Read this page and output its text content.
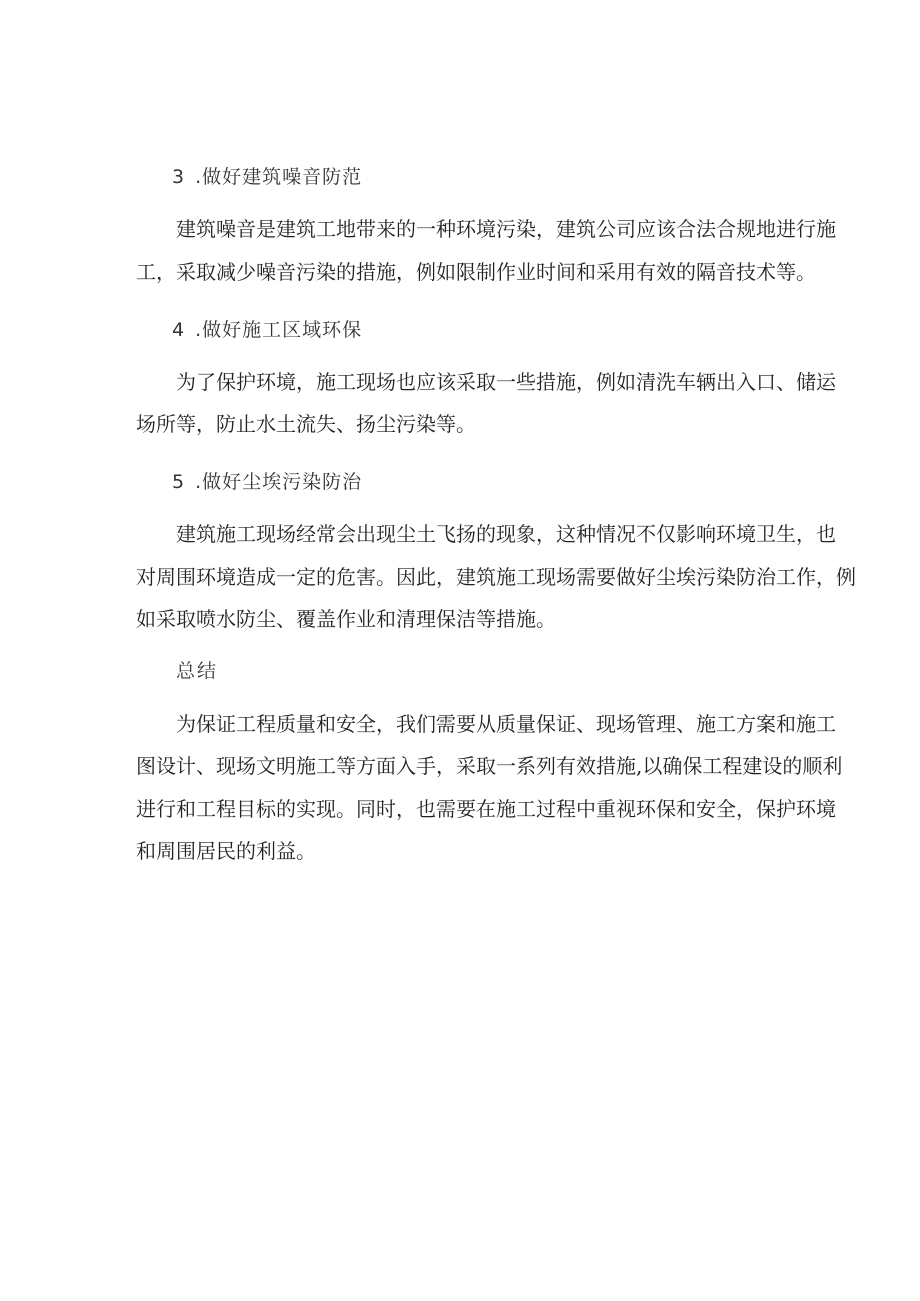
3 .做好建筑噪音防范
建筑噪音是建筑工地带来的一种环境污染，建筑公司应该合法合规地进行施
工，采取减少噪音污染的措施，例如限制作业时间和采用有效的隔音技术等。
4 .做好施工区域环保
为了保护环境，施工现场也应该采取一些措施，例如清洗车辆出入口、储运
场所等，防止水土流失、扬尘污染等。
5 .做好尘埃污染防治
建筑施工现场经常会出现尘土飞扬的现象，这种情况不仅影响环境卫生，也
对周围环境造成一定的危害。因此，建筑施工现场需要做好尘埃污染防治工作，例
如采取喷水防尘、覆盖作业和清理保洁等措施。
总结
为保证工程质量和安全，我们需要从质量保证、现场管理、施工方案和施工
图设计、现场文明施工等方面入手，采取一系列有效措施,以确保工程建设的顺利
进行和工程目标的实现。同时，也需要在施工过程中重视环保和安全，保护环境
和周围居民的利益。
